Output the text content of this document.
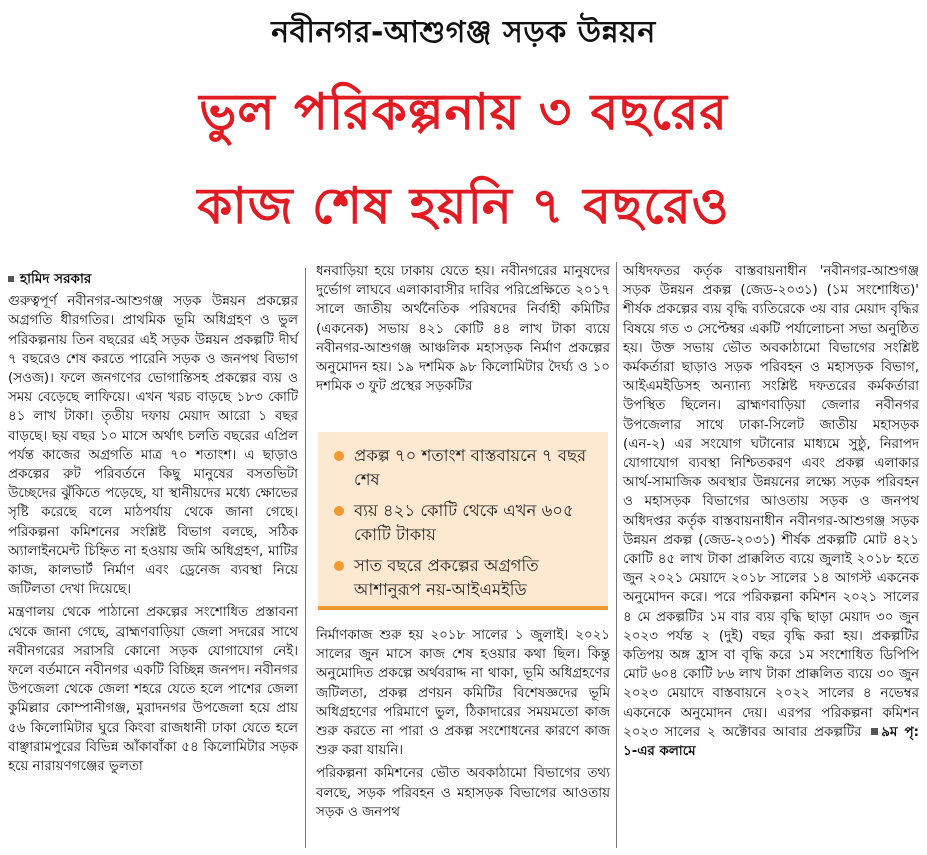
নবীনগর-আশুগঞ্জ সড়ক উন্নয়ন
ভুল পরিকল্পনায় ৩ বছরের
কাজ শেষ হয়নি ৭ বছরেও
হামিদ সরকার

গুরুত্বপূর্ণ নবীনগর-আশুগঞ্জ সড়ক উন্নয়ন প্রকল্পের অগ্রগতি ধীরগতির। প্রাথমিক ভূমি অধিগ্রহণ ও ভুল পরিকল্পনায় তিন বছরের এই সড়ক উন্নয়ন প্রকল্পটি দীর্ঘ ৭ বছরেও শেষ করতে পারেনি সড়ক ও জনপথ বিভাগ (সওজ)। ফলে জনগণের ভোগান্তিসহ প্রকল্পের ব্যয় ও সময় বেড়েছে লাফিয়ে। এখন খরচ বাড়ছে ১৮৩ কোটি ৪১ লাখ টাকা। তৃতীয় দফায় মেয়াদ আরো ১ বছর বাড়ছে। ছয় বছর ১০ মাসে অর্থাৎ চলতি বছরের এপ্রিল পর্যন্ত কাজের অগ্রগতি মাত্র ৭০ শতাংশ। এ ছাড়াও প্রকল্পের রুট পরিবর্তনে কিছু মানুষের বসতভিটা উচ্ছেদের ঝুঁকিতে পড়েছে, যা স্থানীয়দের মধ্যে ক্ষোভের সৃষ্টি করেছে বলে মাঠপর্যায় থেকে জানা গেছে। পরিকল্পনা কমিশনের সংশ্লিষ্ট বিভাগ বলছে, সঠিক অ্যালাইনমেন্ট চিহ্নিত না হওয়ায় জমি অধিগ্রহণ, মাটির কাজ, কালভার্ট নির্মাণ এবং ড্রেনেজ ব্যবস্থা নিয়ে জটিলতা দেখা দিয়েছে।

মন্ত্রণালয় থেকে পাঠানো প্রকল্পের সংশোধিত প্রস্তাবনা থেকে জানা গেছে, ব্রাহ্মণবাড়িয়া জেলা সদরের সাথে নবীনগরের সরাসরি কোনো সড়ক যোগাযোগ নেই। ফলে বর্তমানে নবীনগর একটি বিচ্ছিন্ন জনপদ। নবীনগর উপজেলা থেকে জেলা শহরে যেতে হলে পাশের জেলা কুমিল্লার কোম্পানীগঞ্জ, মুরাদনগর উপজেলা হয়ে প্রায় ৫৬ কিলোমিটার ঘুরে কিংবা রাজধানী ঢাকা যেতে হলে বাঞ্ছারামপুরের বিভিন্ন আঁকাবাঁকা ৫৪ কিলোমিটার সড়ক হয়ে নারায়ণগঞ্জের ভুলতা

ধনবাড়িয়া হয়ে ঢাকায় যেতে হয়। নবীনগরের মানুষদের দুর্ভোগ লাঘবে এলাকাবাসীর দাবির পরিপ্রেক্ষিতে ২০১৭ সালে জাতীয় অর্থনৈতিক পরিষদের নির্বাহী কমিটির (একনেক) সভায় ৪২১ কোটি ৪৪ লাখ টাকা ব্যয়ে নবীনগর-আশুগঞ্জ আঞ্চলিক মহাসড়ক নির্মাণ প্রকল্পের অনুমোদন হয়। ১৯ দশমিক ৯৮ কিলোমিটার দৈর্ঘ্য ও ১০ দশমিক ৩ ফুট প্রস্থের সড়কটির

প্রকল্প ৭০ শতাংশ বাস্তবায়নে ৭ বছর শেষ
ব্যয় ৪২১ কোটি থেকে এখন ৬০৫ কোটি টাকায়
সাত বছরে প্রকল্পের অগ্রগতি আশানুরূপ নয়-আইএমইডি

নির্মাণকাজ শুরু হয় ২০১৮ সালের ১ জুলাই। ২০২১ সালের জুন মাসে কাজ শেষ হওয়ার কথা ছিল। কিন্তু অনুমোদিত প্রকল্পে অর্থবরাদ্দ না থাকা, ভূমি অধিগ্রহণের জটিলতা, প্রকল্প প্রণয়ন কমিটির বিশেষজ্ঞদের ভূমি অধিগ্রহণের পরিমাণে ভুল, ঠিকাদারের সময়মতো কাজ শুরু করতে না পারা ও প্রকল্প সংশোধনের কারণে কাজ শুরু করা যায়নি।

পরিকল্পনা কমিশনের ভৌত অবকাঠামো বিভাগের তথ্য বলছে, সড়ক পরিবহন ও মহাসড়ক বিভাগের আওতায় সড়ক ও জনপথ

অধিদফতর কর্তৃক বাস্তবায়নাধীন 'নবীনগর-আশুগঞ্জ সড়ক উন্নয়ন প্রকল্প (জেড-২০৩১) (১ম সংশোধিত)' শীর্ষক প্রকল্পের ব্যয় বৃদ্ধি ব্যতিরেকে ৩য় বার মেয়াদ বৃদ্ধির বিষয়ে গত ৩ সেপ্টেম্বর একটি পর্যালোচনা সভা অনুষ্ঠিত হয়। উক্ত সভায় ভৌত অবকাঠামো বিভাগের সংশ্লিষ্ট কর্মকর্তারা ছাড়াও সড়ক পরিবহন ও মহাসড়ক বিভাগ, আইএমইডিসহ অন্যান্য সংশ্লিষ্ট দফতরের কর্মকর্তারা উপস্থিত ছিলেন। ব্রাহ্মণবাড়িয়া জেলার নবীনগর উপজেলার সাথে ঢাকা-সিলেট জাতীয় মহাসড়ক (এন-২) এর সংযোগ ঘটানোর মাধ্যমে সুষ্ঠু, নিরাপদ যোগাযোগ ব্যবস্থা নিশ্চিতকরণ এবং প্রকল্প এলাকার আর্থ-সামাজিক অবস্থার উন্নয়নের লক্ষ্যে সড়ক পরিবহন ও মহাসড়ক বিভাগের আওতায় সড়ক ও জনপথ অধিদপ্তর কর্তৃক বাস্তবায়নাধীন নবীনগর-আশুগঞ্জ সড়ক উন্নয়ন প্রকল্প (জেড-২০৩১) শীর্ষক প্রকল্পটি মোট ৪২১ কোটি ৪৫ লাখ টাকা প্রাক্কলিত ব্যয়ে জুলাই ২০১৮ হতে জুন ২০২১ মেয়াদে ২০১৮ সালের ১৪ আগস্ট একনেক অনুমোদন করে। পরে পরিকল্পনা কমিশন ২০২১ সালের ৪ মে প্রকল্পটির ১ম বার ব্যয় বৃদ্ধি ছাড়া মেয়াদ ৩০ জুন ২০২৩ পর্যন্ত ২ (দুই) বছর বৃদ্ধি করা হয়। প্রকল্পটির কতিপয় অঙ্গ হ্রাস বা বৃদ্ধি করে ১ম সংশোধিত ডিপিপি মোট ৬০৪ কোটি ৮৬ লাখ টাকা প্রাক্কলিত ব্যয়ে ৩০ জুন ২০২৩ মেয়াদে বাস্তবায়নে ২০২২ সালের ৪ নভেম্বর একনেকে অনুমোদন দেয়। এরপর পরিকল্পনা কমিশন ২০২৩ সালের ২ অক্টোবর আবার প্রকল্পটির ৯ম পৃ: ১-এর কলামে
